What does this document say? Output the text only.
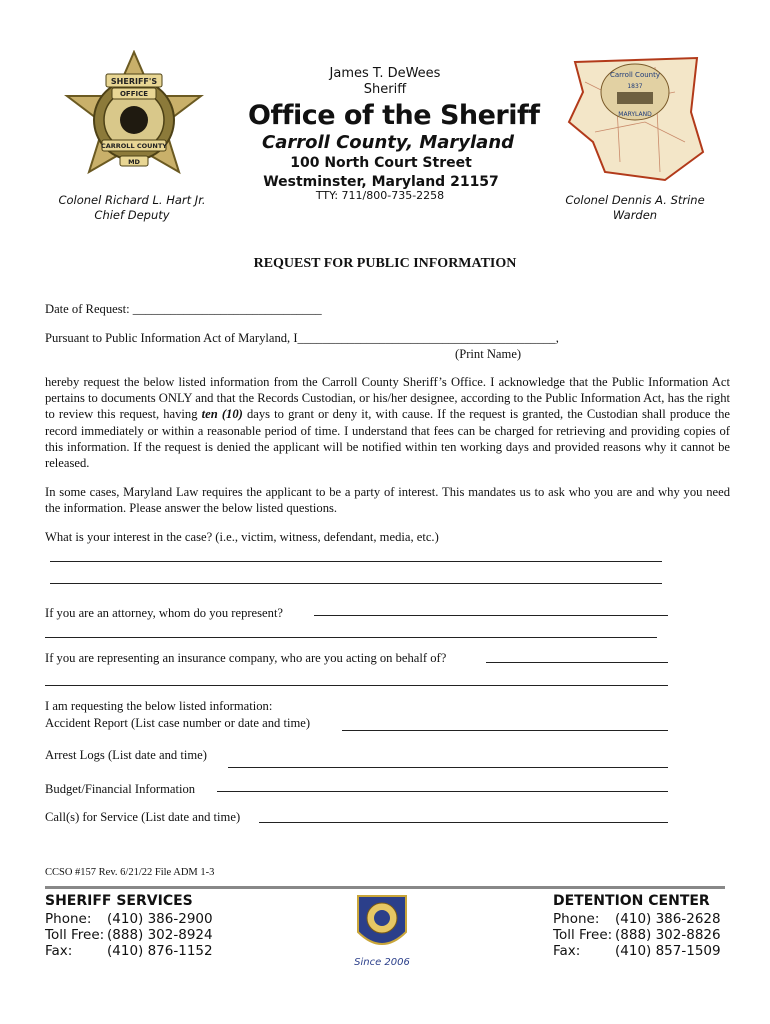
SHERIFF'S
OFFICE
CARROLL COUNTY
MD
Carroll County
1837
MARYLAND
James T. DeWees
Sheriff
Office of the Sheriff
Carroll County, Maryland
100 North Court Street
Westminster, Maryland 21157
TTY: 711/800-735-2258
Colonel Richard L. Hart Jr.
Chief Deputy
Colonel Dennis A. Strine
Warden
REQUEST FOR PUBLIC INFORMATION
Date of Request: ______________________________
Pursuant to Public Information Act of Maryland, I_________________________________________,
(Print Name)
hereby request the below listed information from the Carroll County Sheriff’s Office. I acknowledge that the Public Information Act pertains to documents ONLY and that the Records Custodian, or his/her designee, according to the Public Information Act, has the right to review this request, having ten (10) days to grant or deny it, with cause. If the request is granted, the Custodian shall produce the record immediately or within a reasonable period of time. I understand that fees can be charged for retrieving and providing copies of this information. If the request is denied the applicant will be notified within ten working days and provided reasons why it cannot be released.
In some cases, Maryland Law requires the applicant to be a party of interest. This mandates us to ask who you are and why you need the information. Please answer the below listed questions.
What is your interest in the case? (i.e., victim, witness, defendant, media, etc.)
If you are an attorney, whom do you represent?
If you are representing an insurance company, who are you acting on behalf of?
I am requesting the below listed information:
Accident Report (List case number or date and time)
Arrest Logs (List date and time)
Budget/Financial Information
Call(s) for Service (List date and time)
CCSO #157 Rev. 6/21/22 File ADM 1-3
SHERIFF SERVICES
Phone: (410) 386-2900
Toll Free: (888) 302-8924
Fax:	(410) 876-1152
Since 2006
DETENTION CENTER
Phone: (410) 386-2628
Toll Free: (888) 302-8826
Fax:	(410) 857-1509
